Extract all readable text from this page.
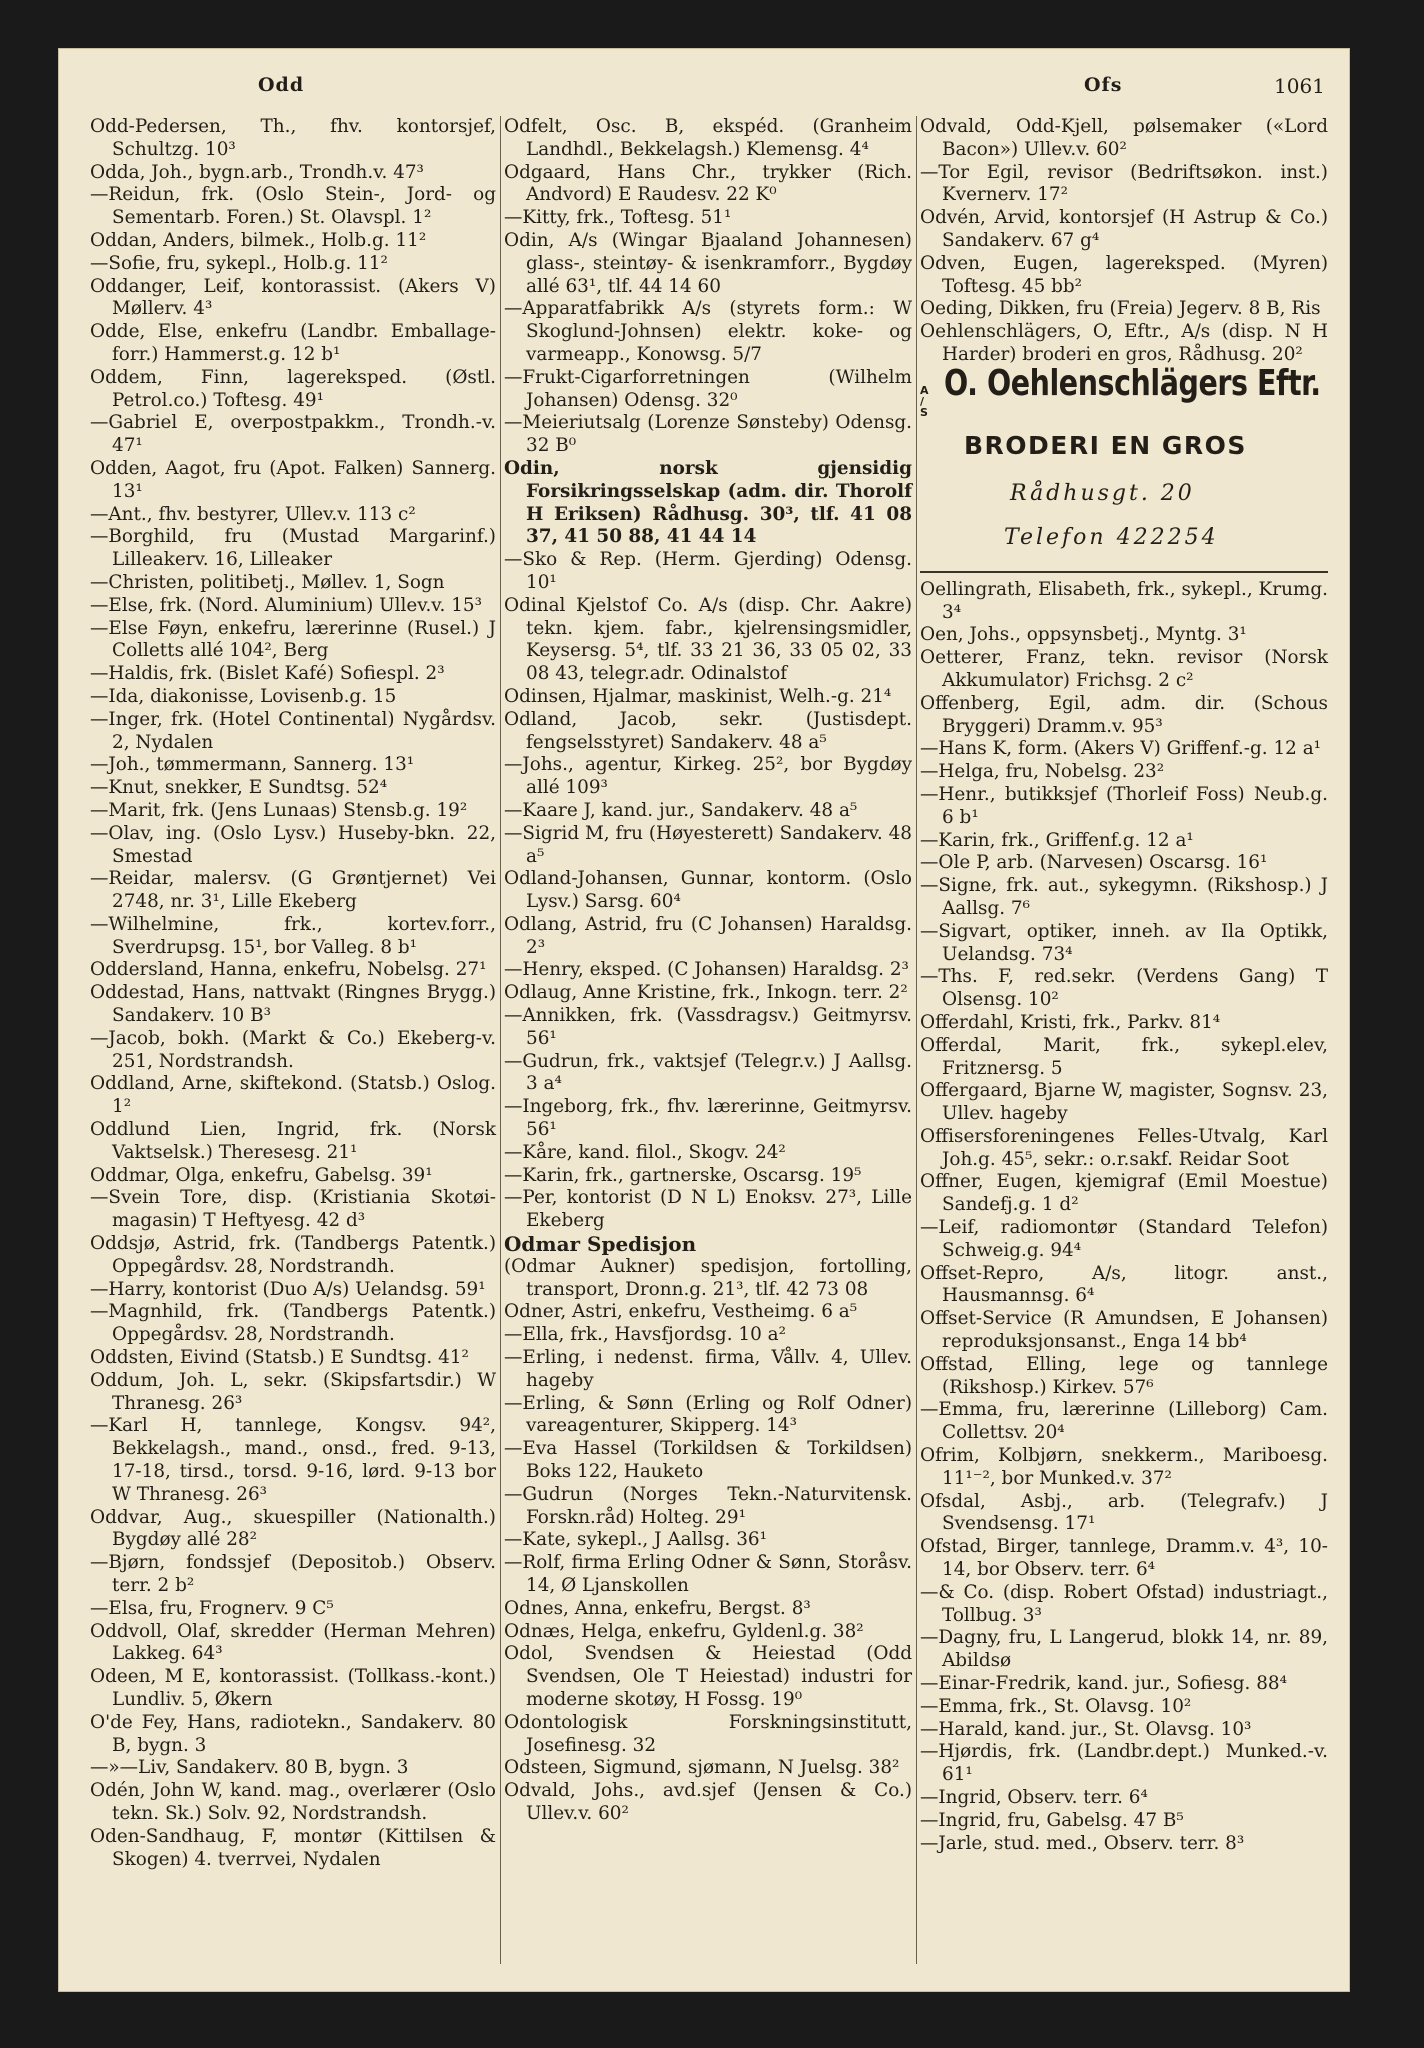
Odd	Ofs	1061

Odd-Pedersen, Th., fhv. kontorsjef, Schultzg. 10³

Odda, Joh., bygn.arb., Trondh.v. 47³

—Reidun, frk. (Oslo Stein-, Jord- og Sementarb. Foren.) St. Olavspl. 1²

Oddan, Anders, bilmek., Holb.g. 11²

—Sofie, fru, sykepl., Holb.g. 11²

Oddanger, Leif, kontorassist. (Akers V) Møllerv. 4³

Odde, Else, enkefru (Landbr. Emballage-forr.) Hammerst.g. 12 b¹

Oddem, Finn, lagereksped. (Østl. Petrol.co.) Toftesg. 49¹

—Gabriel E, overpostpakkm., Trondh.-v. 47¹

Odden, Aagot, fru (Apot. Falken) Sannerg. 13¹

—Ant., fhv. bestyrer, Ullev.v. 113 c²

—Borghild, fru (Mustad Margarinf.) Lilleakerv. 16, Lilleaker

—Christen, politibetj., Møllev. 1, Sogn

—Else, frk. (Nord. Aluminium) Ullev.v. 15³

—Else Føyn, enkefru, lærerinne (Rusel.) J Colletts allé 104², Berg

—Haldis, frk. (Bislet Kafé) Sofiespl. 2³

—Ida, diakonisse, Lovisenb.g. 15

—Inger, frk. (Hotel Continental) Nygårdsv. 2, Nydalen

—Joh., tømmermann, Sannerg. 13¹

—Knut, snekker, E Sundtsg. 52⁴

—Marit, frk. (Jens Lunaas) Stensb.g. 19²

—Olav, ing. (Oslo Lysv.) Huseby-bkn. 22, Smestad

—Reidar, malersv. (G Grøntjernet) Vei 2748, nr. 3¹, Lille Ekeberg

—Wilhelmine, frk., kortev.forr., Sverdrupsg. 15¹, bor Valleg. 8 b¹

Oddersland, Hanna, enkefru, Nobelsg. 27¹

Oddestad, Hans, nattvakt (Ringnes Brygg.) Sandakerv. 10 B³

—Jacob, bokh. (Markt & Co.) Ekeberg-v. 251, Nordstrandsh.

Oddland, Arne, skiftekond. (Statsb.) Oslog. 1²

Oddlund Lien, Ingrid, frk. (Norsk Vaktselsk.) Theresesg. 21¹

Oddmar, Olga, enkefru, Gabelsg. 39¹

—Svein Tore, disp. (Kristiania Skotøi-magasin) T Heftyesg. 42 d³

Oddsjø, Astrid, frk. (Tandbergs Patentk.) Oppegårdsv. 28, Nordstrandh.

—Harry, kontorist (Duo A/s) Uelandsg. 59¹

—Magnhild, frk. (Tandbergs Patentk.) Oppegårdsv. 28, Nordstrandh.

Oddsten, Eivind (Statsb.) E Sundtsg. 41²

Oddum, Joh. L, sekr. (Skipsfartsdir.) W Thranesg. 26³

—Karl H, tannlege, Kongsv. 94², Bekkelagsh., mand., onsd., fred. 9-13, 17-18, tirsd., torsd. 9-16, lørd. 9-13 bor W Thranesg. 26³

Oddvar, Aug., skuespiller (Nationalth.) Bygdøy allé 28²

—Bjørn, fondssjef (Depositob.) Observ. terr. 2 b²

—Elsa, fru, Frognerv. 9 C⁵

Oddvoll, Olaf, skredder (Herman Mehren) Lakkeg. 64³

Odeen, M E, kontorassist. (Tollkass.-kont.) Lundliv. 5, Økern

O'de Fey, Hans, radiotekn., Sandakerv. 80 B, bygn. 3

—»—Liv, Sandakerv. 80 B, bygn. 3

Odén, John W, kand. mag., overlærer (Oslo tekn. Sk.) Solv. 92, Nordstrandsh.

Oden-Sandhaug, F, montør (Kittilsen & Skogen) 4. tverrvei, Nydalen

Odfelt, Osc. B, ekspéd. (Granheim Landhdl., Bekkelagsh.) Klemensg. 4⁴

Odgaard, Hans Chr., trykker (Rich. Andvord) E Raudesv. 22 K⁰

—Kitty, frk., Toftesg. 51¹

Odin, A/s (Wingar Bjaaland Johannesen) glass-, steintøy- & isenkramforr., Bygdøy allé 63¹, tlf. 44 14 60

—Apparatfabrikk A/s (styrets form.: W Skoglund-Johnsen) elektr. koke- og varmeapp., Konowsg. 5/7

—Frukt-Cigarforretningen (Wilhelm Johansen) Odensg. 32⁰

—Meieriutsalg (Lorenze Sønsteby) Odensg. 32 B⁰

Odin, norsk gjensidig Forsikringsselskap (adm. dir. Thorolf H Eriksen) Rådhusg. 30³, tlf. 41 08 37, 41 50 88, 41 44 14

—Sko & Rep. (Herm. Gjerding) Odensg. 10¹

Odinal Kjelstof Co. A/s (disp. Chr. Aakre) tekn. kjem. fabr., kjelrensingsmidler, Keysersg. 5⁴, tlf. 33 21 36, 33 05 02, 33 08 43, telegr.adr. Odinalstof

Odinsen, Hjalmar, maskinist, Welh.-g. 21⁴

Odland, Jacob, sekr. (Justisdept. fengselsstyret) Sandakerv. 48 a⁵

—Johs., agentur, Kirkeg. 25², bor Bygdøy allé 109³

—Kaare J, kand. jur., Sandakerv. 48 a⁵

—Sigrid M, fru (Høyesterett) Sandakerv. 48 a⁵

Odland-Johansen, Gunnar, kontorm. (Oslo Lysv.) Sarsg. 60⁴

Odlang, Astrid, fru (C Johansen) Haraldsg. 2³

—Henry, eksped. (C Johansen) Haraldsg. 2³

Odlaug, Anne Kristine, frk., Inkogn. terr. 2²

—Annikken, frk. (Vassdragsv.) Geitmyrsv. 56¹

—Gudrun, frk., vaktsjef (Telegr.v.) J Aallsg. 3 a⁴

—Ingeborg, frk., fhv. lærerinne, Geitmyrsv. 56¹

—Kåre, kand. filol., Skogv. 24²

—Karin, frk., gartnerske, Oscarsg. 19⁵

—Per, kontorist (D N L) Enoksv. 27³, Lille Ekeberg

Odmar Spedisjon

(Odmar Aukner) spedisjon, fortolling, transport, Dronn.g. 21³, tlf. 42 73 08

Odner, Astri, enkefru, Vestheimg. 6 a⁵

—Ella, frk., Havsfjordsg. 10 a²

—Erling, i nedenst. firma, Vållv. 4, Ullev. hageby

—Erling, & Sønn (Erling og Rolf Odner) vareagenturer, Skipperg. 14³

—Eva Hassel (Torkildsen & Torkildsen) Boks 122, Hauketo

—Gudrun (Norges Tekn.-Naturvitensk. Forskn.råd) Holteg. 29¹

—Kate, sykepl., J Aallsg. 36¹

—Rolf, firma Erling Odner & Sønn, Storåsv. 14, Ø Ljanskollen

Odnes, Anna, enkefru, Bergst. 8³

Odnæs, Helga, enkefru, Gyldenl.g. 38²

Odol, Svendsen & Heiestad (Odd Svendsen, Ole T Heiestad) industri for moderne skotøy, H Fossg. 19⁰

Odontologisk Forskningsinstitutt, Josefinesg. 32

Odsteen, Sigmund, sjømann, N Juelsg. 38²

Odvald, Johs., avd.sjef (Jensen & Co.) Ullev.v. 60²

Odvald, Odd-Kjell, pølsemaker («Lord Bacon») Ullev.v. 60²

—Tor Egil, revisor (Bedriftsøkon. inst.) Kvernerv. 17²

Odvén, Arvid, kontorsjef (H Astrup & Co.) Sandakerv. 67 g⁴

Odven, Eugen, lagereksped. (Myren) Toftesg. 45 bb²

Oeding, Dikken, fru (Freia) Jegerv. 8 B, Ris

Oehlenschlägers, O, Eftr., A/s (disp. N H Harder) broderi en gros, Rådhusg. 20²

A
/
S
O. Oehlenschlägers Eftr.
BRODERI EN GROS
Rådhusgt. 20
Telefon 422254

Oellingrath, Elisabeth, frk., sykepl., Krumg. 3⁴

Oen, Johs., oppsynsbetj., Myntg. 3¹

Oetterer, Franz, tekn. revisor (Norsk Akkumulator) Frichsg. 2 c²

Offenberg, Egil, adm. dir. (Schous Bryggeri) Dramm.v. 95³

—Hans K, form. (Akers V) Griffenf.-g. 12 a¹

—Helga, fru, Nobelsg. 23²

—Henr., butikksjef (Thorleif Foss) Neub.g. 6 b¹

—Karin, frk., Griffenf.g. 12 a¹

—Ole P, arb. (Narvesen) Oscarsg. 16¹

—Signe, frk. aut., sykegymn. (Rikshosp.) J Aallsg. 7⁶

—Sigvart, optiker, inneh. av Ila Optikk, Uelandsg. 73⁴

—Ths. F, red.sekr. (Verdens Gang) T Olsensg. 10²

Offerdahl, Kristi, frk., Parkv. 81⁴

Offerdal, Marit, frk., sykepl.elev, Fritznersg. 5

Offergaard, Bjarne W, magister, Sognsv. 23, Ullev. hageby

Offisersforeningenes Felles-Utvalg, Karl Joh.g. 45⁵, sekr.: o.r.sakf. Reidar Soot

Offner, Eugen, kjemigraf (Emil Moestue) Sandefj.g. 1 d²

—Leif, radiomontør (Standard Telefon) Schweig.g. 94⁴

Offset-Repro, A/s, litogr. anst., Hausmannsg. 6⁴

Offset-Service (R Amundsen, E Johansen) reproduksjonsanst., Enga 14 bb⁴

Offstad, Elling, lege og tannlege (Rikshosp.) Kirkev. 57⁶

—Emma, fru, lærerinne (Lilleborg) Cam. Collettsv. 20⁴

Ofrim, Kolbjørn, snekkerm., Mariboesg. 11¹⁻², bor Munked.v. 37²

Ofsdal, Asbj., arb. (Telegrafv.) J Svendsensg. 17¹

Ofstad, Birger, tannlege, Dramm.v. 4³, 10-14, bor Observ. terr. 6⁴

—& Co. (disp. Robert Ofstad) industriagt., Tollbug. 3³

—Dagny, fru, L Langerud, blokk 14, nr. 89, Abildsø

—Einar-Fredrik, kand. jur., Sofiesg. 88⁴

—Emma, frk., St. Olavsg. 10²

—Harald, kand. jur., St. Olavsg. 10³

—Hjørdis, frk. (Landbr.dept.) Munked.-v. 61¹

—Ingrid, Observ. terr. 6⁴

—Ingrid, fru, Gabelsg. 47 B⁵

—Jarle, stud. med., Observ. terr. 8³
